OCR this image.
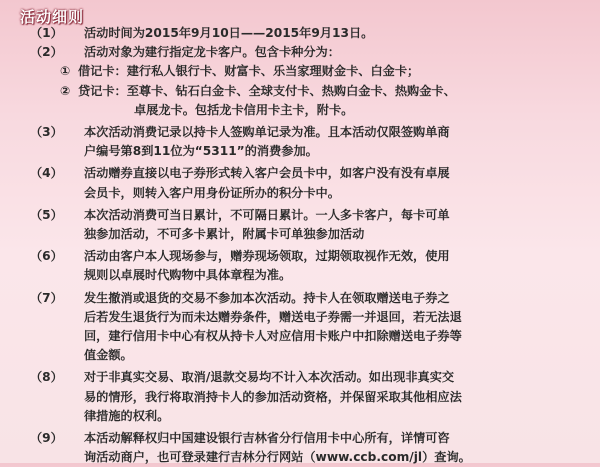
活动细则
（1） 活动时间为2015年9月10日——2015年9月13日。
（2） 活动对象为建行指定龙卡客户。包含卡种分为：
① 借记卡：建行私人银行卡、财富卡、乐当家理财金卡、白金卡；
② 贷记卡：至尊卡、钻石白金卡、全球支付卡、热购白金卡、热购金卡、
卓展龙卡。包括龙卡信用卡主卡，附卡。
（3） 本次活动消费记录以持卡人签购单记录为准。且本活动仅限签购单商
户编号第8到11位为“5311”的消费参加。
（4） 活动赠券直接以电子券形式转入客户会员卡中，如客户没有没有卓展
会员卡，则转入客户用身份证所办的积分卡中。
（5） 本次活动消费可当日累计，不可隔日累计。一人多卡客户，每卡可单
独参加活动，不可多卡累计，附属卡可单独参加活动
（6） 活动由客户本人现场参与，赠券现场领取，过期领取视作无效，使用
规则以卓展时代购物中具体章程为准。
（7） 发生撤消或退货的交易不参加本次活动。持卡人在领取赠送电子券之
后若发生退货行为而未达赠券条件，赠送电子券需一并退回，若无法退
回，建行信用卡中心有权从持卡人对应信用卡账户中扣除赠送电子券等
值金额。
（8） 对于非真实交易、取消/退款交易均不计入本次活动。如出现非真实交
易的情形，我行将取消持卡人的参加活动资格，并保留采取其他相应法
律措施的权利。
（9） 本活动解释权归中国建设银行吉林省分行信用卡中心所有，详情可咨
询活动商户，也可登录建行吉林分行网站（www.ccb.com/jl）查询。
